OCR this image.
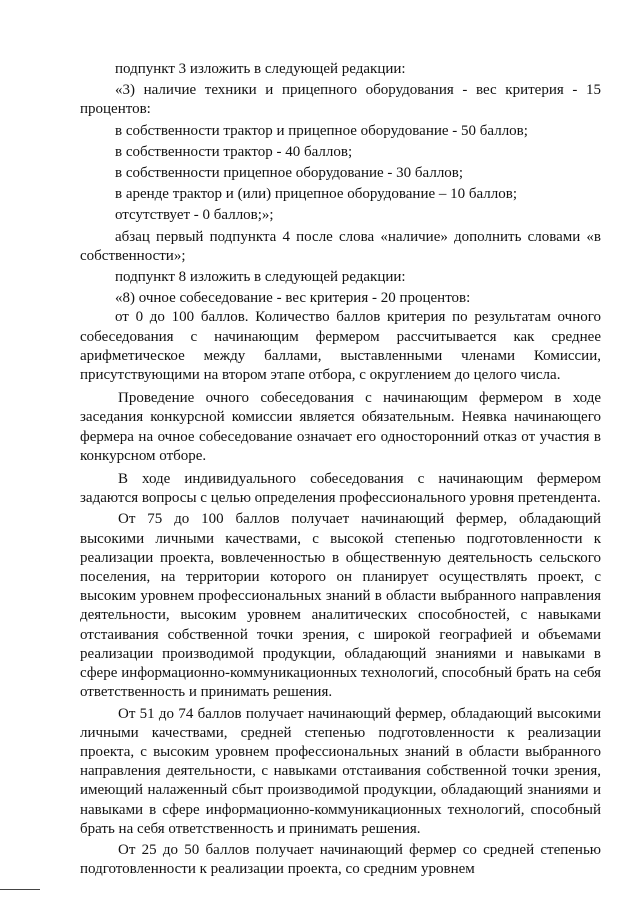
подпункт 3 изложить в следующей редакции:

«3) наличие техники и прицепного оборудования - вес критерия - 15 процентов:

в собственности трактор и прицепное оборудование - 50 баллов;

в собственности трактор - 40 баллов;

в собственности прицепное оборудование - 30 баллов;

в аренде трактор и (или) прицепное оборудование – 10 баллов;

отсутствует - 0 баллов;»;

абзац первый подпункта 4 после слова «наличие» дополнить словами «в собственности»;

подпункт 8 изложить в следующей редакции:

«8) очное собеседование - вес критерия - 20 процентов:

от 0 до 100 баллов. Количество баллов критерия по результатам очного собеседования с начинающим фермером рассчитывается как среднее арифметическое между баллами, выставленными членами Комиссии, присутствующими на втором этапе отбора, с округлением до целого числа.

Проведение очного собеседования с начинающим фермером в ходе заседания конкурсной комиссии является обязательным. Неявка начинающего фермера на очное собеседование означает его односторонний отказ от участия в конкурсном отборе.

В ходе индивидуального собеседования с начинающим фермером задаются вопросы с целью определения профессионального уровня претендента.

От 75 до 100 баллов получает начинающий фермер, обладающий высокими личными качествами, с высокой степенью подготовленности к реализации проекта, вовлеченностью в общественную деятельность сельского поселения, на территории которого он планирует осуществлять проект, с высоким уровнем профессиональных знаний в области выбранного направления деятельности, высоким уровнем аналитических способностей, с навыками отстаивания собственной точки зрения, с широкой географией и объемами реализации производимой продукции, обладающий знаниями и навыками в сфере информационно-коммуникационных технологий, способный брать на себя ответственность и принимать решения.

От 51 до 74 баллов получает начинающий фермер, обладающий высокими личными качествами, средней степенью подготовленности к реализации проекта, с высоким уровнем профессиональных знаний в области выбранного направления деятельности, с навыками отстаивания собственной точки зрения, имеющий налаженный сбыт производимой продукции, обладающий знаниями и навыками в сфере информационно-коммуникационных технологий, способный брать на себя ответственность и принимать решения.

От 25 до 50 баллов получает начинающий фермер со средней степенью подготовленности к реализации проекта, со средним уровнем
